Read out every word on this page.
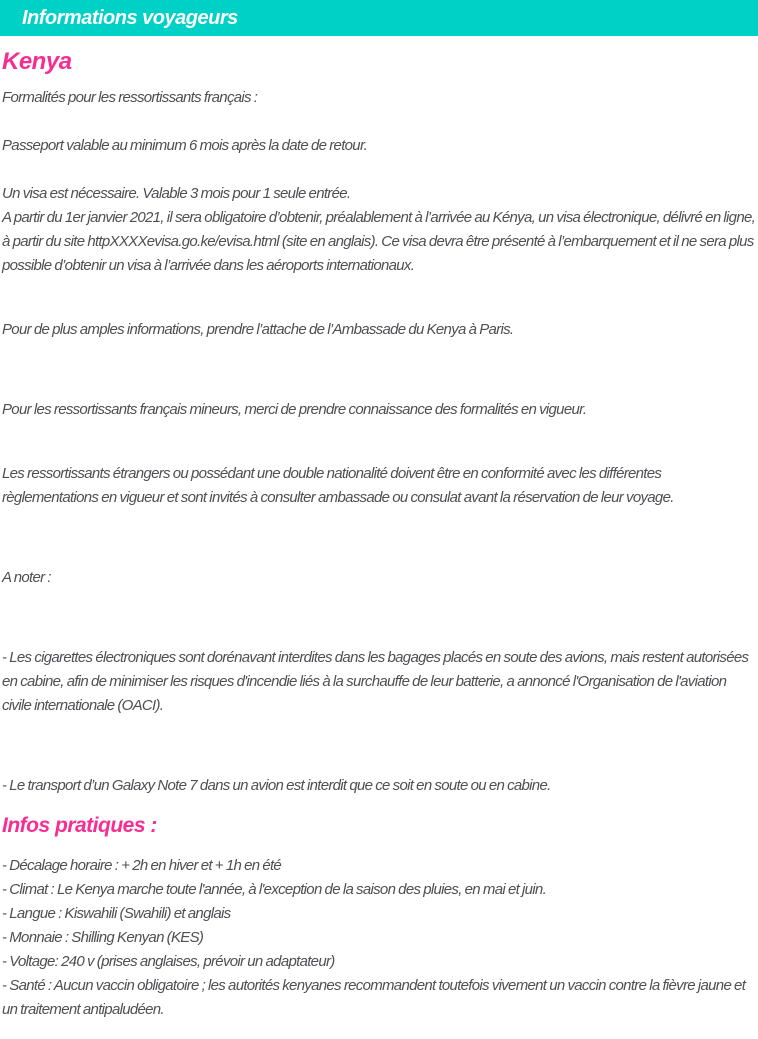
Informations voyageurs
Kenya

Formalités pour les ressortissants français :

Passeport valable au minimum 6 mois après la date de retour.

Un visa est nécessaire. Valable 3 mois pour 1 seule entrée.

A partir du 1er janvier 2021, il sera obligatoire d’obtenir, préalablement à l’arrivée au Kénya, un visa électronique, délivré en ligne, à partir du site httpXXXXevisa.go.ke/evisa.html (site en anglais). Ce visa devra être présenté à l’embarquement et il ne sera plus possible d’obtenir un visa à l’arrivée dans les aéroports internationaux.

Pour de plus amples informations, prendre l’attache de l’Ambassade du Kenya à Paris.

Pour les ressortissants français mineurs, merci de prendre connaissance des formalités en vigueur.

Les ressortissants étrangers ou possédant une double nationalité doivent être en conformité avec les différentes règlementations en vigueur et sont invités à consulter ambassade ou consulat avant la réservation de leur voyage.

A noter :

- Les cigarettes électroniques sont dorénavant interdites dans les bagages placés en soute des avions, mais restent autorisées en cabine, afin de minimiser les risques d'incendie liés à la surchauffe de leur batterie, a annoncé l'Organisation de l'aviation civile internationale (OACI).

- Le transport d’un Galaxy Note 7 dans un avion est interdit que ce soit en soute ou en cabine.

Infos pratiques :

- Décalage horaire : + 2h en hiver et + 1h en été

- Climat : Le Kenya marche toute l'année, à l'exception de la saison des pluies, en mai et juin.

- Langue : Kiswahili (Swahili) et anglais

- Monnaie : Shilling Kenyan (KES)

- Voltage: 240 v (prises anglaises, prévoir un adaptateur)

- Santé : Aucun vaccin obligatoire ; les autorités kenyanes recommandent toutefois vivement un vaccin contre la fièvre jaune et un traitement antipaludéen.
